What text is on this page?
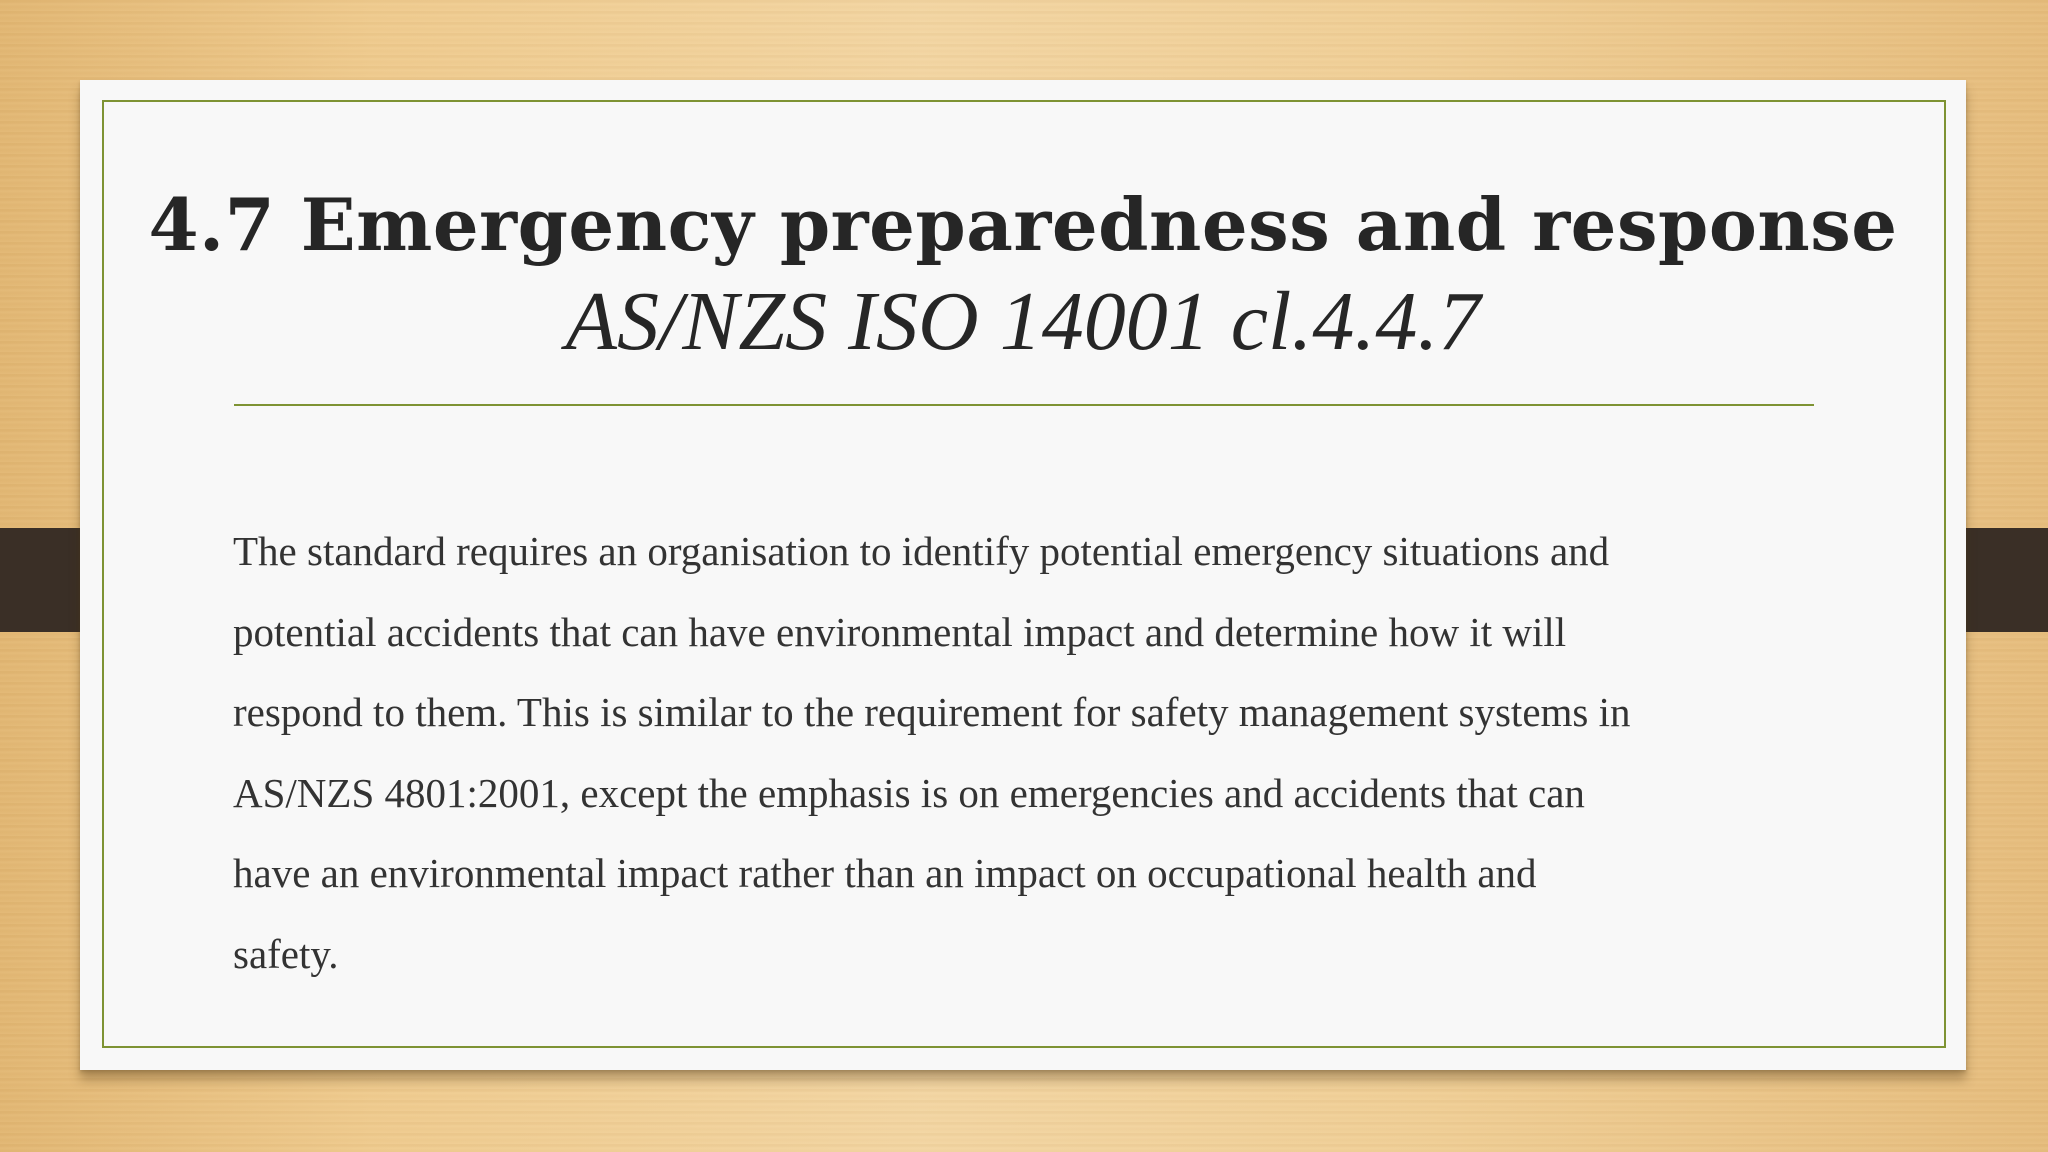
4.7 Emergency preparedness and response
AS/NZS ISO 14001 cl.4.4.7
The standard requires an organisation to identify potential emergency situations and
potential accidents that can have environmental impact and determine how it will
respond to them. This is similar to the requirement for safety management systems in
AS/NZS 4801:2001, except the emphasis is on emergencies and accidents that can
have an environmental impact rather than an impact on occupational health and
safety.
